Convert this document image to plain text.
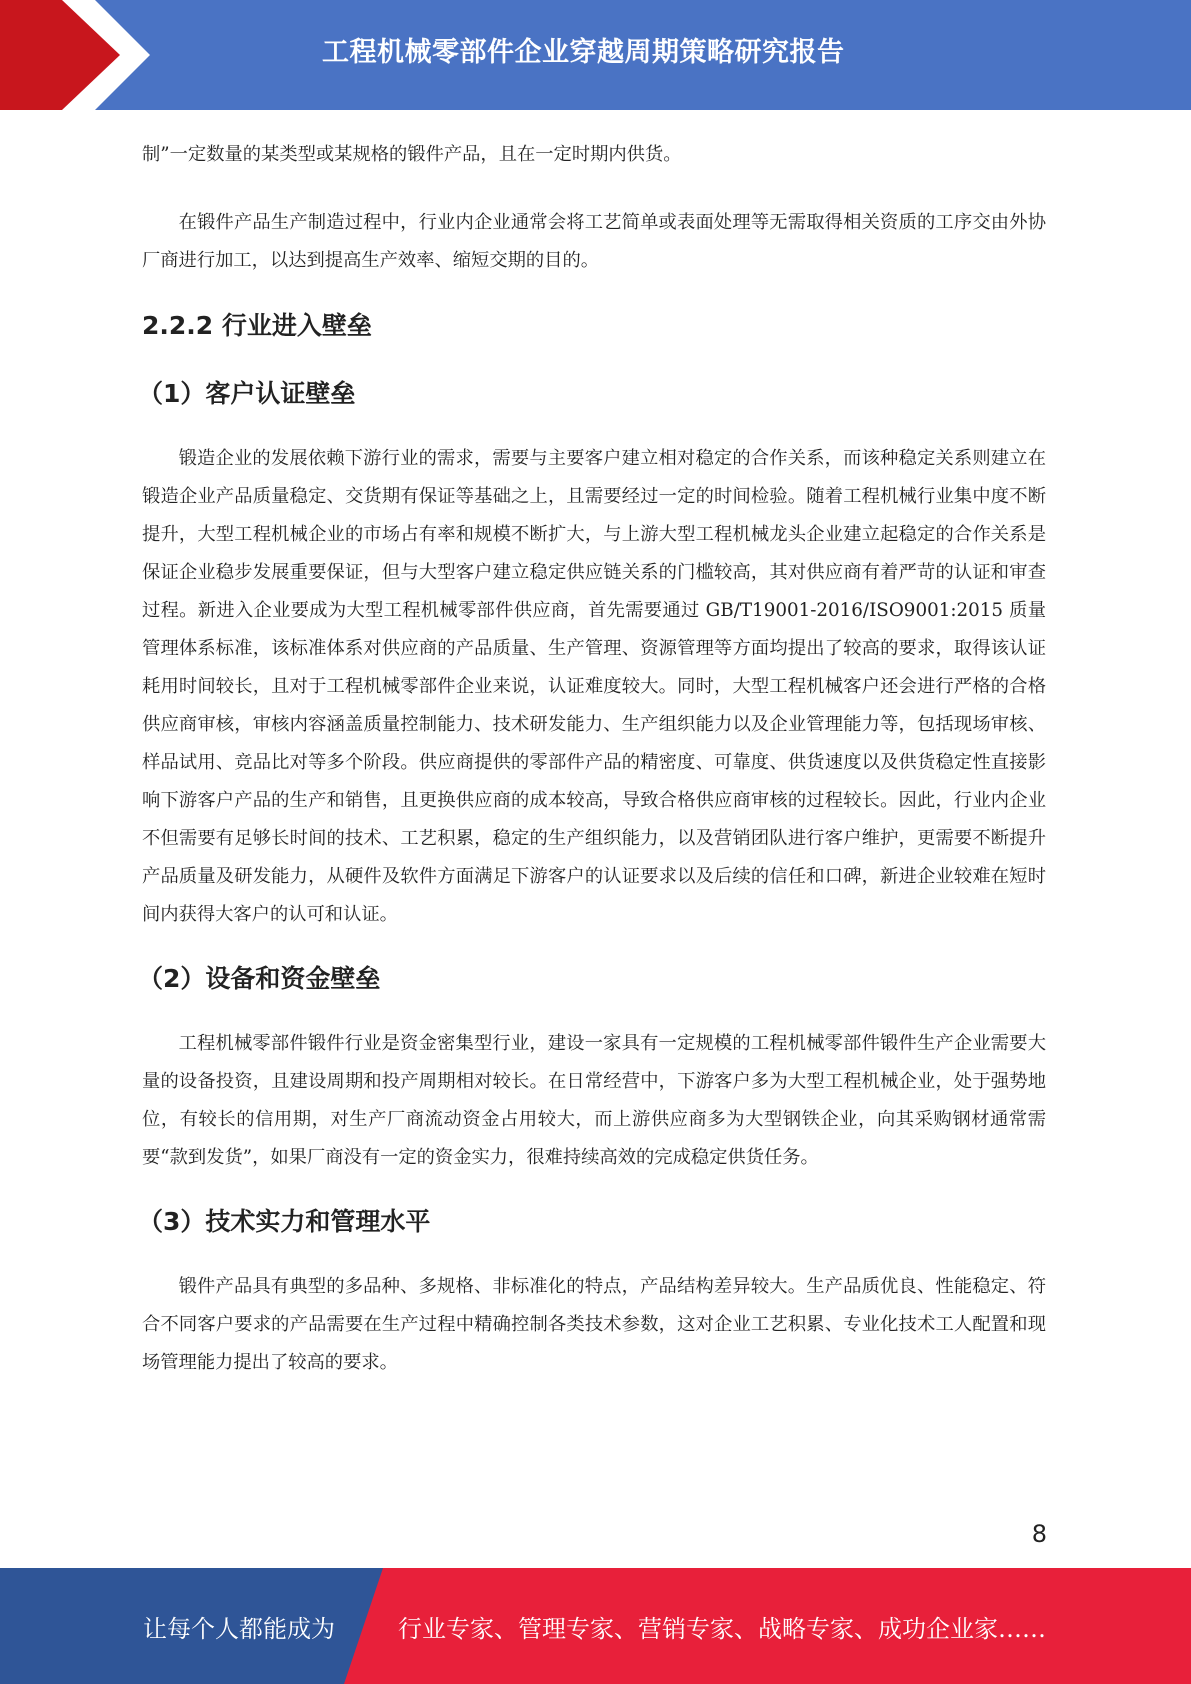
工程机械零部件企业穿越周期策略研究报告

制”一定数量的某类型或某规格的锻件产品，且在一定时期内供货。

在锻件产品生产制造过程中，行业内企业通常会将工艺简单或表面处理等无需取得相关资质的工序交由外协厂商进行加工，以达到提高生产效率、缩短交期的目的。

2.2.2 行业进入壁垒
（1）客户认证壁垒

锻造企业的发展依赖下游行业的需求，需要与主要客户建立相对稳定的合作关系，而该种稳定关系则建立在锻造企业产品质量稳定、交货期有保证等基础之上，且需要经过一定的时间检验。随着工程机械行业集中度不断提升，大型工程机械企业的市场占有率和规模不断扩大，与上游大型工程机械龙头企业建立起稳定的合作关系是保证企业稳步发展重要保证，但与大型客户建立稳定供应链关系的门槛较高，其对供应商有着严苛的认证和审查过程。新进入企业要成为大型工程机械零部件供应商，首先需要通过 GB/T19001-2016/ISO9001:2015 质量管理体系标准，该标准体系对供应商的产品质量、生产管理、资源管理等方面均提出了较高的要求，取得该认证耗用时间较长，且对于工程机械零部件企业来说，认证难度较大。同时，大型工程机械客户还会进行严格的合格供应商审核，审核内容涵盖质量控制能力、技术研发能力、生产组织能力以及企业管理能力等，包括现场审核、样品试用、竞品比对等多个阶段。供应商提供的零部件产品的精密度、可靠度、供货速度以及供货稳定性直接影响下游客户产品的生产和销售，且更换供应商的成本较高，导致合格供应商审核的过程较长。因此，行业内企业不但需要有足够长时间的技术、工艺积累，稳定的生产组织能力，以及营销团队进行客户维护，更需要不断提升产品质量及研发能力，从硬件及软件方面满足下游客户的认证要求以及后续的信任和口碑，新进企业较难在短时间内获得大客户的认可和认证。

（2）设备和资金壁垒

工程机械零部件锻件行业是资金密集型行业，建设一家具有一定规模的工程机械零部件锻件生产企业需要大量的设备投资，且建设周期和投产周期相对较长。在日常经营中，下游客户多为大型工程机械企业，处于强势地位，有较长的信用期，对生产厂商流动资金占用较大，而上游供应商多为大型钢铁企业，向其采购钢材通常需要“款到发货”，如果厂商没有一定的资金实力，很难持续高效的完成稳定供货任务。

（3）技术实力和管理水平

锻件产品具有典型的多品种、多规格、非标准化的特点，产品结构差异较大。生产品质优良、性能稳定、符合不同客户要求的产品需要在生产过程中精确控制各类技术参数，这对企业工艺积累、专业化技术工人配置和现场管理能力提出了较高的要求。

8
让每个人都能成为	行业专家、管理专家、营销专家、战略专家、成功企业家……
